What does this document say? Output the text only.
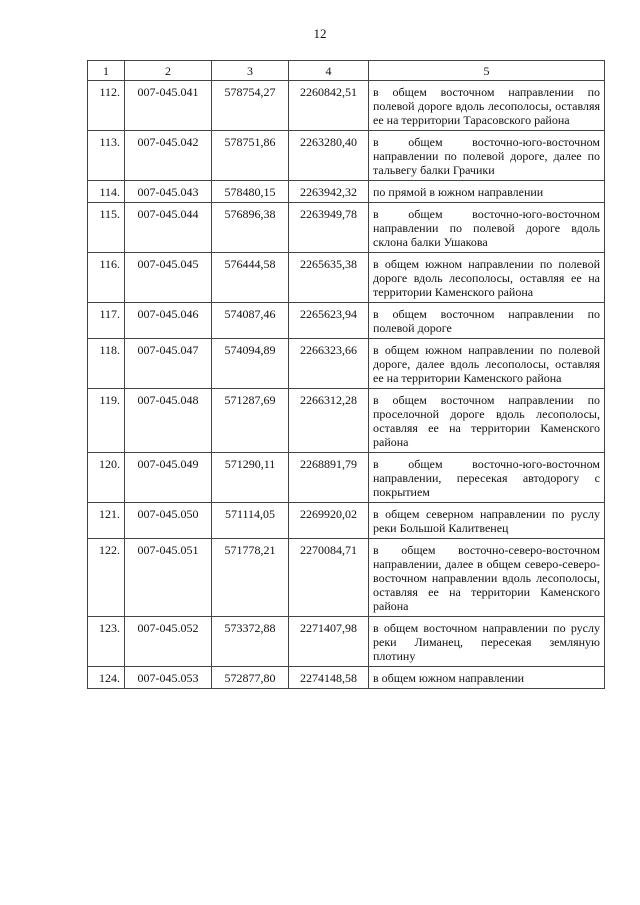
12
1	2	3	4	5
112.	007-045.041	578754,27	2260842,51	в общем восточном направлении по полевой дороге вдоль лесополосы, оставляя ее на территории Тарасовского района
113.	007-045.042	578751,86	2263280,40	в общем восточно-юго-восточном направлении по полевой дороге, далее по тальвегу балки Грачики
114.	007-045.043	578480,15	2263942,32	по прямой в южном направлении
115.	007-045.044	576896,38	2263949,78	в общем восточно-юго-восточном направлении по полевой дороге вдоль склона балки Ушакова
116.	007-045.045	576444,58	2265635,38	в общем южном направлении по полевой дороге вдоль лесополосы, оставляя ее на территории Каменского района
117.	007-045.046	574087,46	2265623,94	в общем восточном направлении по полевой дороге
118.	007-045.047	574094,89	2266323,66	в общем южном направлении по полевой дороге, далее вдоль лесополосы, оставляя ее на территории Каменского района
119.	007-045.048	571287,69	2266312,28	в общем восточном направлении по проселочной дороге вдоль лесополосы, оставляя ее на территории Каменского района
120.	007-045.049	571290,11	2268891,79	в общем восточно-юго-восточном направлении, пересекая автодорогу с покрытием
121.	007-045.050	571114,05	2269920,02	в общем северном направлении по руслу реки Большой Калитвенец
122.	007-045.051	571778,21	2270084,71	в общем восточно-северо-восточном направлении, далее в общем северо-северо-восточном направлении вдоль лесополосы, оставляя ее на территории Каменского района
123.	007-045.052	573372,88	2271407,98	в общем восточном направлении по руслу реки Лиманец, пересекая земляную плотину
124.	007-045.053	572877,80	2274148,58	в общем южном направлении
